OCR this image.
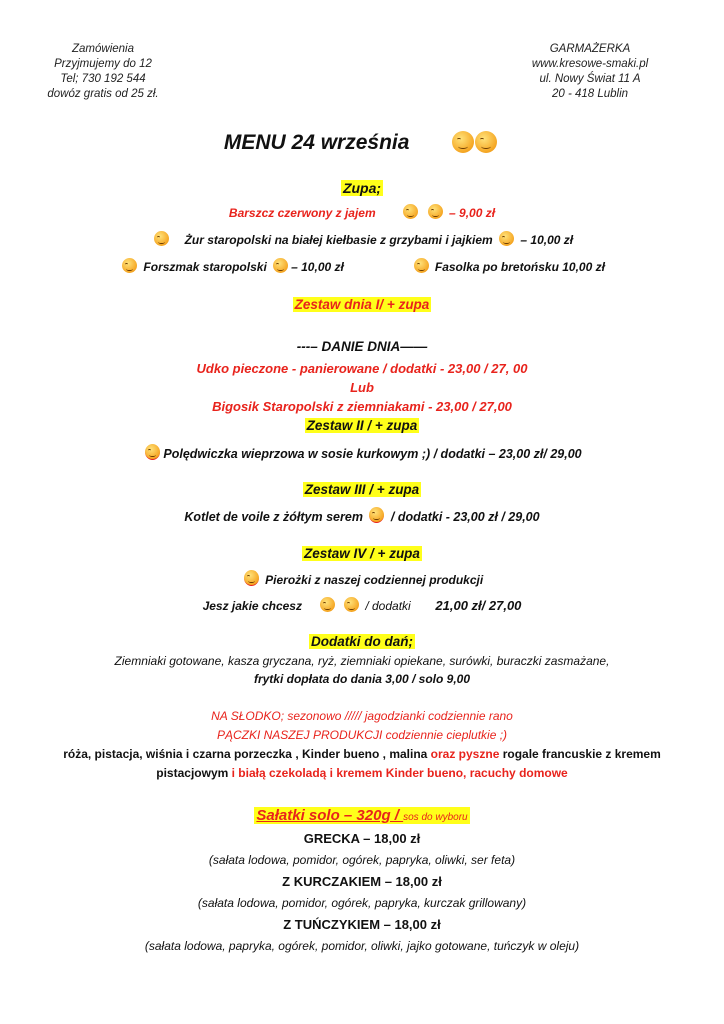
Zamówienia
Przyjmujemy do 12
Tel; 730 192 544
dowóz gratis od 25 zł.
GARMAŻERKA
www.kresowe-smaki.pl
ul. Nowy Świat 11 A
20 - 418 Lublin
MENU 24 września
Zupa;
Barszcz czerwony z jajem	– 9,00 zł
Żur staropolski na białej kiełbasie z grzybami i jajkiem – 10,00 zł
Forszmak staropolski – 10,00 zł	Fasolka po bretońsku 10,00 zł
Zestaw dnia I/ + zupa
---– DANIE DNIA——
Udko pieczone - panierowane / dodatki - 23,00 / 27, 00
Lub
Bigosik Staropolski z ziemniakami - 23,00 / 27,00
Zestaw II / + zupa
Polędwiczka wieprzowa w sosie kurkowym ;) / dodatki – 23,00 zł/ 29,00
Zestaw III / + zupa
Kotlet de voile z żółtym serem / dodatki - 23,00 zł / 29,00
Zestaw IV / + zupa
Pierożki z naszej codziennej produkcji
Jesz jakie chcesz	/ dodatki 21,00 zł/ 27,00
Dodatki do dań;
Ziemniaki gotowane, kasza gryczana, ryż, ziemniaki opiekane, surówki, buraczki zasmażane,
frytki dopłata do dania 3,00 / solo 9,00
NA SŁODKO; sezonowo ///// jagodzianki codziennie rano
PĄCZKI NASZEJ PRODUKCJI codziennie cieplutkie ;)
róża, pistacja, wiśnia i czarna porzeczka , Kinder bueno , malina oraz pyszne rogale francuskie z kremem
pistacjowym i białą czekoladą i kremem Kinder bueno, racuchy domowe
Sałatki solo – 320g / sos do wyboru
GRECKA – 18,00 zł
(sałata lodowa, pomidor, ogórek, papryka, oliwki, ser feta)
Z KURCZAKIEM – 18,00 zł
(sałata lodowa, pomidor, ogórek, papryka, kurczak grillowany)
Z TUŃCZYKIEM – 18,00 zł
(sałata lodowa, papryka, ogórek, pomidor, oliwki, jajko gotowane, tuńczyk w oleju)
